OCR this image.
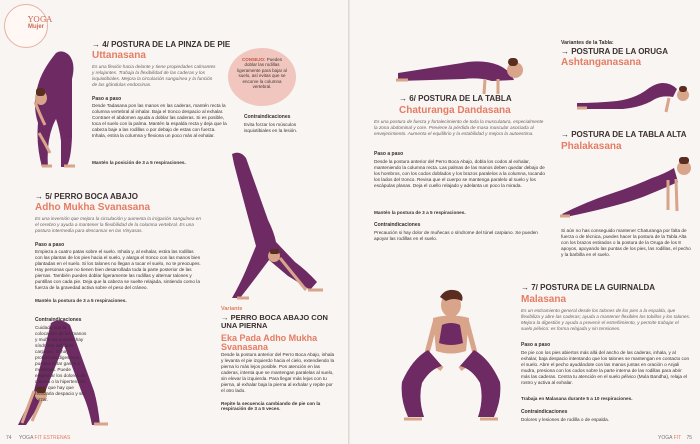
YOGA
Mujer
→ 4/ POSTURA DE LA PINZA DE PIE
Uttanasana
Es una flexión hacia delante y tiene propiedades calmantes y relajantes. Trabaja la flexibilidad de las caderas y los isquiotibiales. Mejora la circulación sanguínea y la función de las glándulas endocrinas.
Paso a paso
Desde Tadasana pon las manos en las caderas, mantén recta la columna vertebral al inhalar. Baja el tronco despacio al exhalar. Contraer el abdomen ayuda a doblar las caderas. Si es posible, toca el suelo con la palma. Mantén la espalda recta y deja que la cabeza baje a las rodillas o por debajo de estas con fuerza. Inhala, estira la columna y flexiona un poco más al exhalar.
Mantén la posición de 3 a 5 respiraciones.
CONSEJO: Puedes doblar las rodillas ligeramente para bajar al suelo, así evitas que se encorve la columna vertebral.
Contraindicaciones
Evita forzar los músculos isquiotibiales en la lesión.
→ 5/ PERRO BOCA ABAJO
Adho Mukha Svanasana
Es una inversión que mejora la circulación y aumenta la irrigación sanguínea en el cerebro y ayuda a mantener la flexibilidad de la columna vertebral. Es una postura intermedia para descansar en las Vinyasas.
Paso a paso
Empieza a cuatro patas sobre el suelo. Inhala y, al exhalar, estira las rodillas con las plantas de los pies hacia el suelo, y alarga el tronco con las manos bien plantadas en el suelo. Si los talones no llegan a tocar el suelo, no te preocupes. Hay personas que no tienen bien desarrollada toda la parte posterior de las piernas. También puedes doblar ligeramente las rodillas y alternar talones y puntillas con cada pie. Deja que la cabeza se suelte relajada, sintiendo como la fuerza de la gravedad activa sobre el peso del cráneo.
Mantén la postura de 3 a 5 respiraciones.
Contraindicaciones
Cuidado con la colocación de las manos y muñecas cuando hay síndrome del túnel carpiano. Si hay problemas digestivos puedes notar gases o molestias. Puede empeorar los dolores de cabeza o la hipertensión por lo que hay que realizarla despacio y sin forzar.
Variante
→ PERRO BOCA ABAJO CON UNA PIERNA
Eka Pada Adho Mukha Svanasana
Desde la postura anterior del Perro Boca Abajo, inhala y levanta el pie izquierdo hacia el cielo, extendiendo la pierna lo más lejos posible. Pon atención en las caderas, intenta que se mantengan paralelas al suelo, sin elevar la izquierda. Para llegar más lejos con tu pierna, al exhalar baja la pierna al exhalar y repite por el otro lado.
Repite la secuencia cambiando de pie con la respiración de 3 a 5 veces.
74 YOGA FIT ESTRENAS
→ 6/ POSTURA DE LA TABLA
Chaturanga Dandasana
Es una postura de fuerza y fortalecimiento de toda la musculatura, especialmente la zona abdominal y core. Previene la pérdida de masa muscular asociada al envejecimiento. Aumenta el equilibrio y la estabilidad y mejora la autoestima.
Paso a paso
Desde la postura anterior del Perro Boca Abajo, dobla los codos al exhalar, manteniendo la columna recta. Las palmas de las manos deben quedar debajo de los hombros, con los codos doblados y los brazos paralelos a la columna, tocando los lados del tronco. Revisa que el cuerpo se mantenga paralelo al suelo y los escápulas planas. Deja el cuello relajado y adelanta un poco la mirada.
Mantén la postura de 3 a 5 respiraciones.
Contraindicaciones
Precaución si hay dolor de muñecas o síndrome del túnel carpiano. Se pueden apoyar las rodillas en el suelo.
Variantes de la Tabla:
→ POSTURA DE LA ORUGA
Ashtanganasana
→ POSTURA DE LA TABLA ALTA
Phalakasana
Si aún no has conseguido mantener Chaturanga por falta de fuerza o de técnica, puedes hacer la postura de la Tabla Alta con los brazos estirados o la postura de la Oruga de los 8 apoyos, apoyando las puntas de los pies, las rodillas, el pecho y la barbilla en el suelo.
→ 7/ POSTURA DE LA GUIRNALDA
Malasana
Es un estiramiento general desde los talones de los pies a la espalda, que flexibiliza y abre las caderas; ayuda a mantener flexibles los tobillos y los talones. Mejora la digestión y ayuda a prevenir el estreñimiento, y permite trabajar el suelo pélvico: es forma relajada y sin tensiones.
Paso a paso
De pie con los pies abiertos más allá del ancho de las caderas, inhala, y al exhalar, baja despacio intentando que los talones se mantengan en contacto con el suelo. Abre el pecho ayudándote con las manos juntas en oración o Anjali mudra, presiona con los codos sobre la parte interna de las rodillas para abrir más las caderas. Centra tu atención en el suelo pélvico (Mula Bandha), relaja el rostro y activa al exhalar.
Trabaja en Malasana durante 5 a 10 respiraciones.
Contraindicaciones
Dolores y lesiones de rodilla o de espalda.
YOGA FIT 75
